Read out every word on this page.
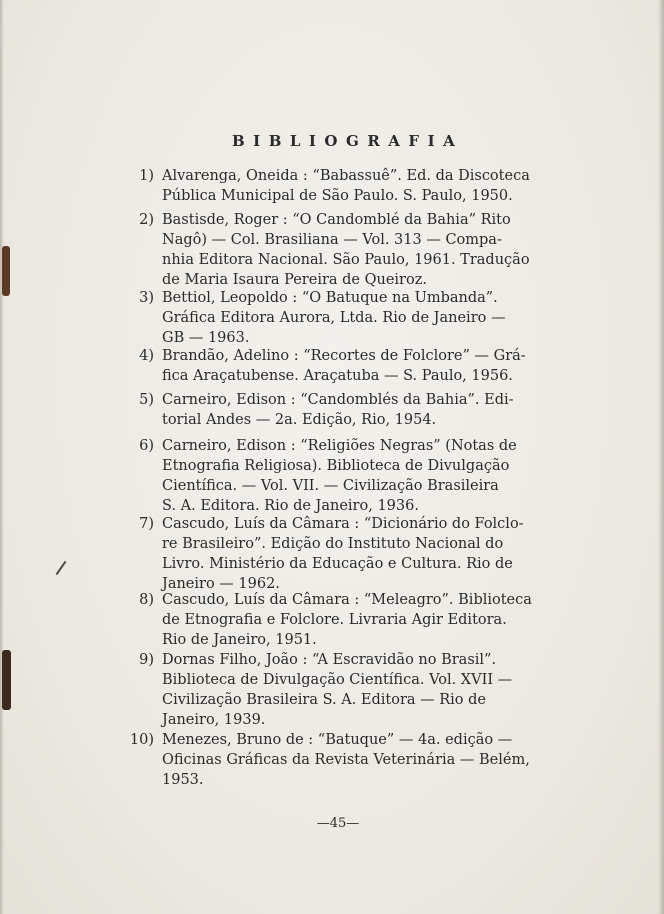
BIBLIOGRAFIA
1) Alvarenga, Oneida : “Babassuê”. Ed. da Discoteca
Pública Municipal de São Paulo. S. Paulo, 1950.
2) Bastisde, Roger : “O Candomblé da Bahia” Rito
Nagô) — Col. Brasiliana — Vol. 313 — Compa-
nhia Editora Nacional. São Paulo, 1961. Tradução
de Maria Isaura Pereira de Queiroz.
3) Bettiol, Leopoldo : “O Batuque na Umbanda”.
Gráfica Editora Aurora, Ltda. Rio de Janeiro —
GB — 1963.
4) Brandão, Adelino : “Recortes de Folclore” — Grá-
fica Araçatubense. Araçatuba — S. Paulo, 1956.
5) Carneiro, Edison : “Candomblés da Bahia”. Edi-
torial Andes — 2a. Edição, Rio, 1954.
6) Carneiro, Edison : “Religiões Negras” (Notas de
Etnografia Religiosa). Biblioteca de Divulgação
Científica. — Vol. VII. — Civilização Brasileira
S. A. Editora. Rio de Janeiro, 1936.
7) Cascudo, Luís da Câmara : “Dicionário do Folclo-
re Brasileiro”. Edição do Instituto Nacional do
Livro. Ministério da Educação e Cultura. Rio de
Janeiro — 1962.
8) Cascudo, Luís da Câmara : “Meleagro”. Biblioteca
de Etnografia e Folclore. Livraria Agir Editora.
Rio de Janeiro, 1951.
9) Dornas Filho, João : “A Escravidão no Brasil”.
Biblioteca de Divulgação Científica. Vol. XVII —
Civilização Brasileira S. A. Editora — Rio de
Janeiro, 1939.
10) Menezes, Bruno de : “Batuque” — 4a. edição —
Oficinas Gráficas da Revista Veterinária — Belém,
1953.
—45—
